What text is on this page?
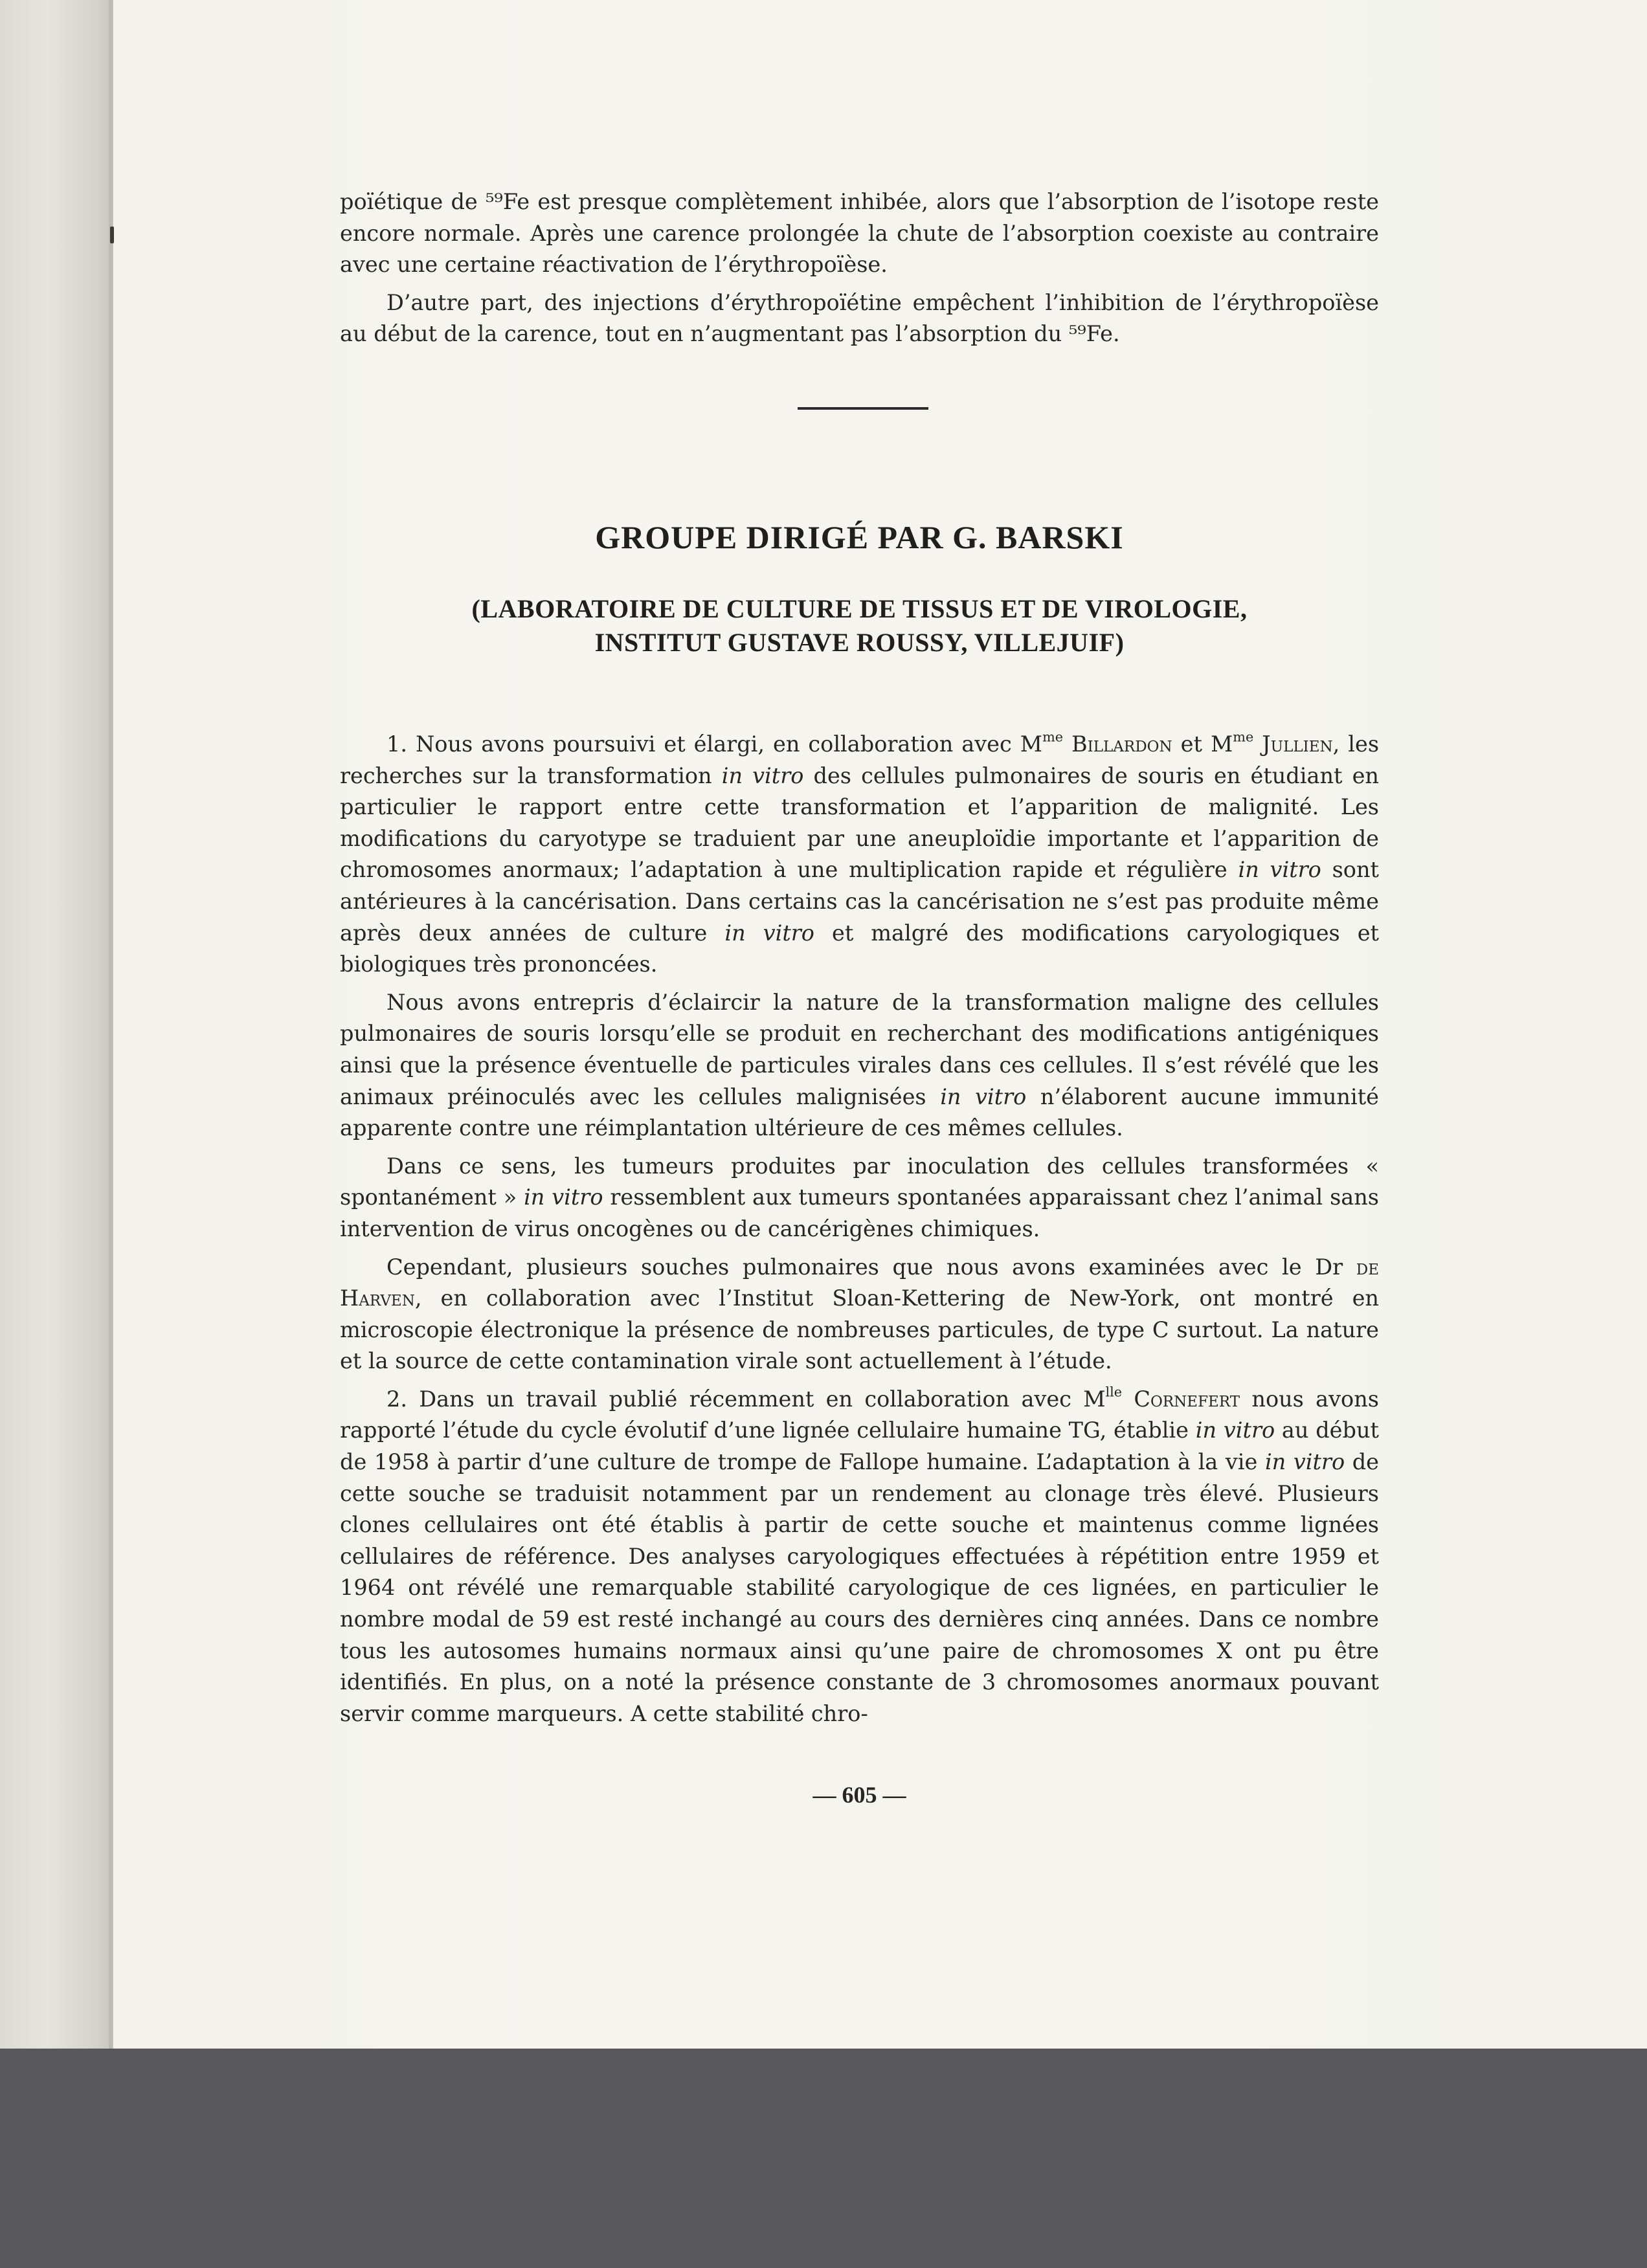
poïétique de ⁵⁹Fe est presque complètement inhibée, alors que l’absorption de l’isotope reste encore normale. Après une carence prolongée la chute de l’absorption coexiste au contraire avec une certaine réactivation de l’érythropoïèse.

D’autre part, des injections d’érythropoïétine empêchent l’inhibition de l’érythropoïèse au début de la carence, tout en n’augmentant pas l’absorption du ⁵⁹Fe.

GROUPE DIRIGÉ PAR G. BARSKI
(LABORATOIRE DE CULTURE DE TISSUS ET DE VIROLOGIE,
INSTITUT GUSTAVE ROUSSY, VILLEJUIF)

1. Nous avons poursuivi et élargi, en collaboration avec $M^{me}$ Billardon et $M^{me}$ Jullien, les recherches sur la transformation in vitro des cellules pulmonaires de souris en étudiant en particulier le rapport entre cette transformation et l’apparition de malignité. Les modifications du caryotype se traduient par une aneuploïdie importante et l’apparition de chromosomes anormaux; l’adaptation à une multiplication rapide et régulière in vitro sont antérieures à la cancérisation. Dans certains cas la cancérisation ne s’est pas produite même après deux années de culture in vitro et malgré des modifications caryologiques et biologiques très prononcées.

Nous avons entrepris d’éclaircir la nature de la transformation maligne des cellules pulmonaires de souris lorsqu’elle se produit en recherchant des modifications antigéniques ainsi que la présence éventuelle de particules virales dans ces cellules. Il s’est révélé que les animaux préinoculés avec les cellules malignisées in vitro n’élaborent aucune immunité apparente contre une réimplantation ultérieure de ces mêmes cellules.

Dans ce sens, les tumeurs produites par inoculation des cellules transformées « spontanément » in vitro ressemblent aux tumeurs spontanées apparaissant chez l’animal sans intervention de virus oncogènes ou de cancérigènes chimiques.

Cependant, plusieurs souches pulmonaires que nous avons examinées avec le Dr de Harven, en collaboration avec l’Institut Sloan-Kettering de New-York, ont montré en microscopie électronique la présence de nombreuses particules, de type C surtout. La nature et la source de cette contamination virale sont actuellement à l’étude.

2. Dans un travail publié récemment en collaboration avec $M^{lle}$ Cornefert nous avons rapporté l’étude du cycle évolutif d’une lignée cellulaire humaine TG, établie in vitro au début de 1958 à partir d’une culture de trompe de Fallope humaine. L’adaptation à la vie in vitro de cette souche se traduisit notamment par un rendement au clonage très élevé. Plusieurs clones cellulaires ont été établis à partir de cette souche et maintenus comme lignées cellulaires de référence. Des analyses caryologiques effectuées à répétition entre 1959 et 1964 ont révélé une remarquable stabilité caryologique de ces lignées, en particulier le nombre modal de 59 est resté inchangé au cours des dernières cinq années. Dans ce nombre tous les autosomes humains normaux ainsi qu’une paire de chromosomes X ont pu être identifiés. En plus, on a noté la présence constante de 3 chromosomes anormaux pouvant servir comme marqueurs. A cette stabilité chro-

— 605 —
